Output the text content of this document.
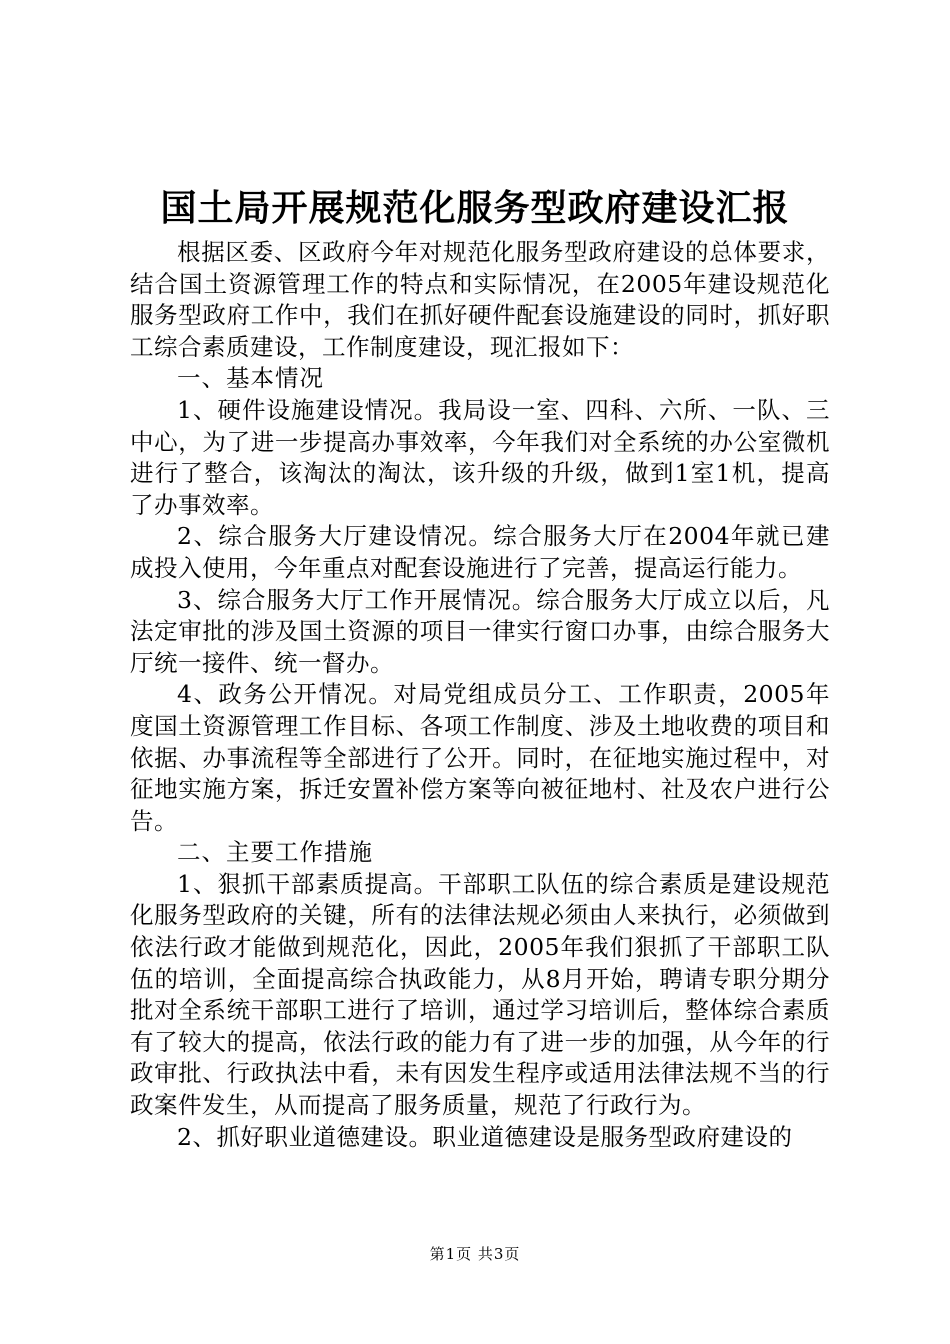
国土局开展规范化服务型政府建设汇报

根据区委、区政府今年对规范化服务型政府建设的总体要求，结合国土资源管理工作的特点和实际情况，在2005年建设规范化服务型政府工作中，我们在抓好硬件配套设施建设的同时，抓好职工综合素质建设，工作制度建设，现汇报如下：

一、基本情况

1、硬件设施建设情况。我局设一室、四科、六所、一队、三中心，为了进一步提高办事效率，今年我们对全系统的办公室微机进行了整合，该淘汰的淘汰，该升级的升级，做到1室1机，提高了办事效率。

2、综合服务大厅建设情况。综合服务大厅在2004年就已建成投入使用，今年重点对配套设施进行了完善，提高运行能力。

3、综合服务大厅工作开展情况。综合服务大厅成立以后，凡法定审批的涉及国土资源的项目一律实行窗口办事，由综合服务大厅统一接件、统一督办。

4、政务公开情况。对局党组成员分工、工作职责，2005年度国土资源管理工作目标、各项工作制度、涉及土地收费的项目和依据、办事流程等全部进行了公开。同时，在征地实施过程中，对征地实施方案，拆迁安置补偿方案等向被征地村、社及农户进行公告。

二、主要工作措施

1、狠抓干部素质提高。干部职工队伍的综合素质是建设规范化服务型政府的关键，所有的法律法规必须由人来执行，必须做到依法行政才能做到规范化，因此，2005年我们狠抓了干部职工队伍的培训，全面提高综合执政能力，从8月开始，聘请专职分期分批对全系统干部职工进行了培训，通过学习培训后，整体综合素质有了较大的提高，依法行政的能力有了进一步的加强，从今年的行政审批、行政执法中看，未有因发生程序或适用法律法规不当的行政案件发生，从而提高了服务质量，规范了行政行为。

2、抓好职业道德建设。职业道德建设是服务型政府建设的

第1页 共3页
